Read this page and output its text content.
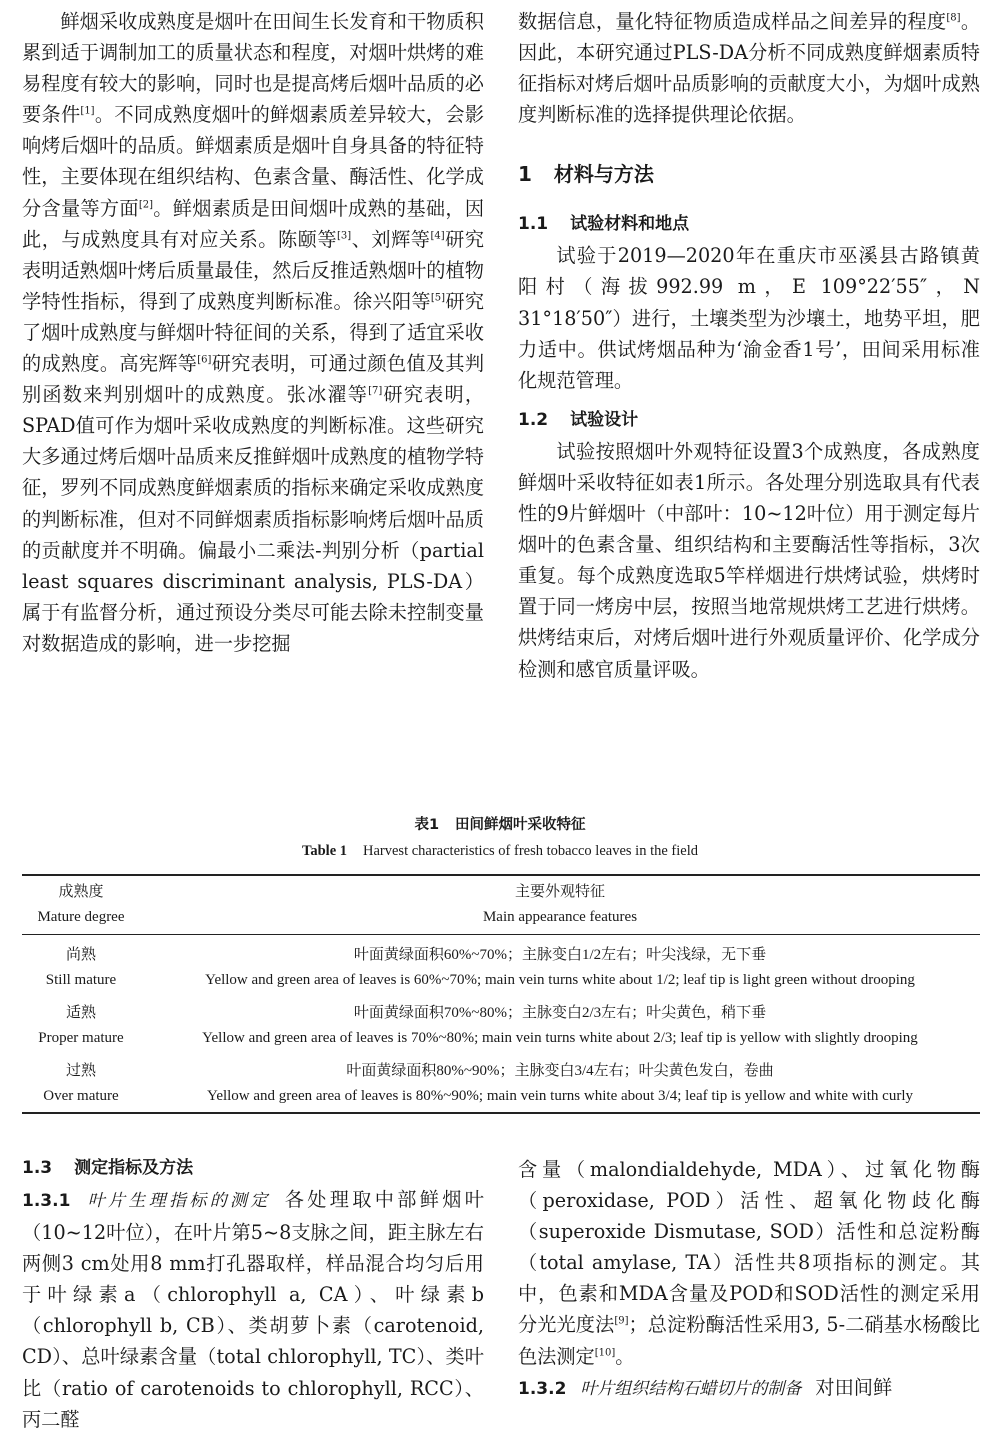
鲜烟采收成熟度是烟叶在田间生长发育和干物质积累到适于调制加工的质量状态和程度，对烟叶烘烤的难易程度有较大的影响，同时也是提高烤后烟叶品质的必要条件[1]。不同成熟度烟叶的鲜烟素质差异较大，会影响烤后烟叶的品质。鲜烟素质是烟叶自身具备的特征特性，主要体现在组织结构、色素含量、酶活性、化学成分含量等方面[2]。鲜烟素质是田间烟叶成熟的基础，因此，与成熟度具有对应关系。陈颐等[3]、刘辉等[4]研究表明适熟烟叶烤后质量最佳，然后反推适熟烟叶的植物学特性指标，得到了成熟度判断标准。徐兴阳等[5]研究了烟叶成熟度与鲜烟叶特征间的关系，得到了适宜采收的成熟度。高宪辉等[6]研究表明，可通过颜色值及其判别函数来判别烟叶的成熟度。张冰濯等[7]研究表明，SPAD值可作为烟叶采收成熟度的判断标准。这些研究大多通过烤后烟叶品质来反推鲜烟叶成熟度的植物学特征，罗列不同成熟度鲜烟素质的指标来确定采收成熟度的判断标准，但对不同鲜烟素质指标影响烤后烟叶品质的贡献度并不明确。偏最小二乘法-判别分析（partial least squares discriminant analysis, PLS-DA）属于有监督分析，通过预设分类尽可能去除未控制变量对数据造成的影响，进一步挖掘

数据信息，量化特征物质造成样品之间差异的程度[8]。因此，本研究通过PLS-DA分析不同成熟度鲜烟素质特征指标对烤后烟叶品质影响的贡献度大小，为烟叶成熟度判断标准的选择提供理论依据。

1 材料与方法
1.1 试验材料和地点

试验于2019—2020年在重庆市巫溪县古路镇黄阳村（海拔992.99 m，E 109°22′55″，N 31°18′50″）进行，土壤类型为沙壤土，地势平坦，肥力适中。供试烤烟品种为‘渝金香1号’，田间采用标准化规范管理。

1.2 试验设计

试验按照烟叶外观特征设置3个成熟度，各成熟度鲜烟叶采收特征如表1所示。各处理分别选取具有代表性的9片鲜烟叶（中部叶：10~12叶位）用于测定每片烟叶的色素含量、组织结构和主要酶活性等指标，3次重复。每个成熟度选取5竿样烟进行烘烤试验，烘烤时置于同一烤房中层，按照当地常规烘烤工艺进行烘烤。烘烤结束后，对烤后烟叶进行外观质量评价、化学成分检测和感官质量评吸。

表1 田间鲜烟叶采收特征
Table 1 Harvest characteristics of fresh tobacco leaves in the field
成熟度	主要外观特征
Mature degree	Main appearance features
尚熟	叶面黄绿面积60%~70%；主脉变白1/2左右；叶尖浅绿，无下垂
Still mature	Yellow and green area of leaves is 60%~70%; main vein turns white about 1/2; leaf tip is light green without drooping
适熟	叶面黄绿面积70%~80%；主脉变白2/3左右；叶尖黄色，稍下垂
Proper mature	Yellow and green area of leaves is 70%~80%; main vein turns white about 2/3; leaf tip is yellow with slightly drooping
过熟	叶面黄绿面积80%~90%；主脉变白3/4左右；叶尖黄色发白，卷曲
Over mature	Yellow and green area of leaves is 80%~90%; main vein turns white about 3/4; leaf tip is yellow and white with curly
1.3 测定指标及方法

1.3.1 叶片生理指标的测定 各处理取中部鲜烟叶（10~12叶位），在叶片第5~8支脉之间，距主脉左右两侧3 cm处用8 mm打孔器取样，样品混合均匀后用于叶绿素a（chlorophyll a, CA）、叶绿素b（chlorophyll b, CB）、类胡萝卜素（carotenoid, CD）、总叶绿素含量（total chlorophyll, TC）、类叶比（ratio of carotenoids to chlorophyll, RCC）、丙二醛

含量（malondialdehyde, MDA）、过氧化物酶（peroxidase, POD）活性、超氧化物歧化酶（superoxide Dismutase, SOD）活性和总淀粉酶（total amylase, TA）活性共8项指标的测定。其中，色素和MDA含量及POD和SOD活性的测定采用分光光度法[9]；总淀粉酶活性采用3, 5-二硝基水杨酸比色法测定[10]。

1.3.2 叶片组织结构石蜡切片的制备 对田间鲜
